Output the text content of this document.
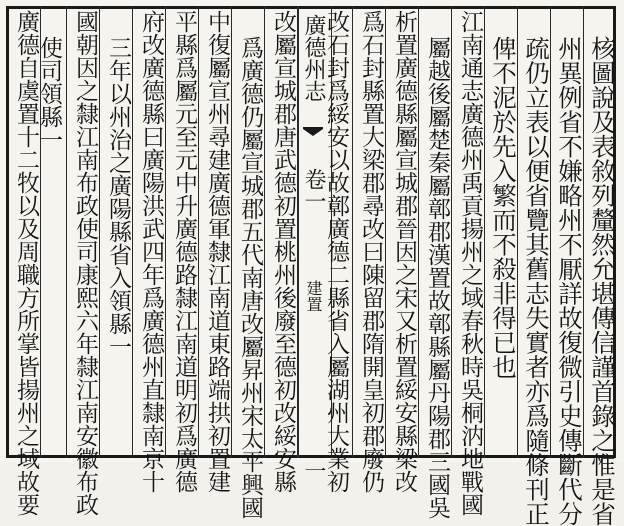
核圖說及表敘列釐然允堪傳信謹首錄之惟是省
州異例省不嫌略州不厭詳故復微引史傳斷代分
疏仍立表以便省覽其舊志失實者亦爲隨條刊正
俾不泥於先入繁而不殺非得已也
江南通志廣德州禹貢揚州之域春秋時吳桐汭地戰國
屬越後屬楚秦屬鄣郡漢置故鄣縣屬丹陽郡三國吳
析置廣德縣屬宣城郡晉因之宋又析置綏安縣梁改
爲石封縣置大梁郡尋改曰陳留郡隋開皇初郡廢仍
改石封爲綏安以故鄣廣德二縣省入屬湖州大業初
廣德州志  卷一  建置  二
改屬宣城郡唐武德初置桃州後廢至德初改綏安縣
爲廣德仍屬宣城郡五代南唐改屬昇州宋太平興國
中復屬宣州尋建廣德軍隸江南道東路端拱初置建
平縣爲屬元至元中升廣德路隸江南道明初爲廣德
府改廣德縣曰廣陽洪武四年爲廣德州直隸南京十
三年以州治之廣陽縣省入領縣一
國朝因之隸江南布政使司康熙六年隸江南安徽布政
使司領縣一
廣德自虞置十二牧以及周職方所掌皆揚州之域故要
